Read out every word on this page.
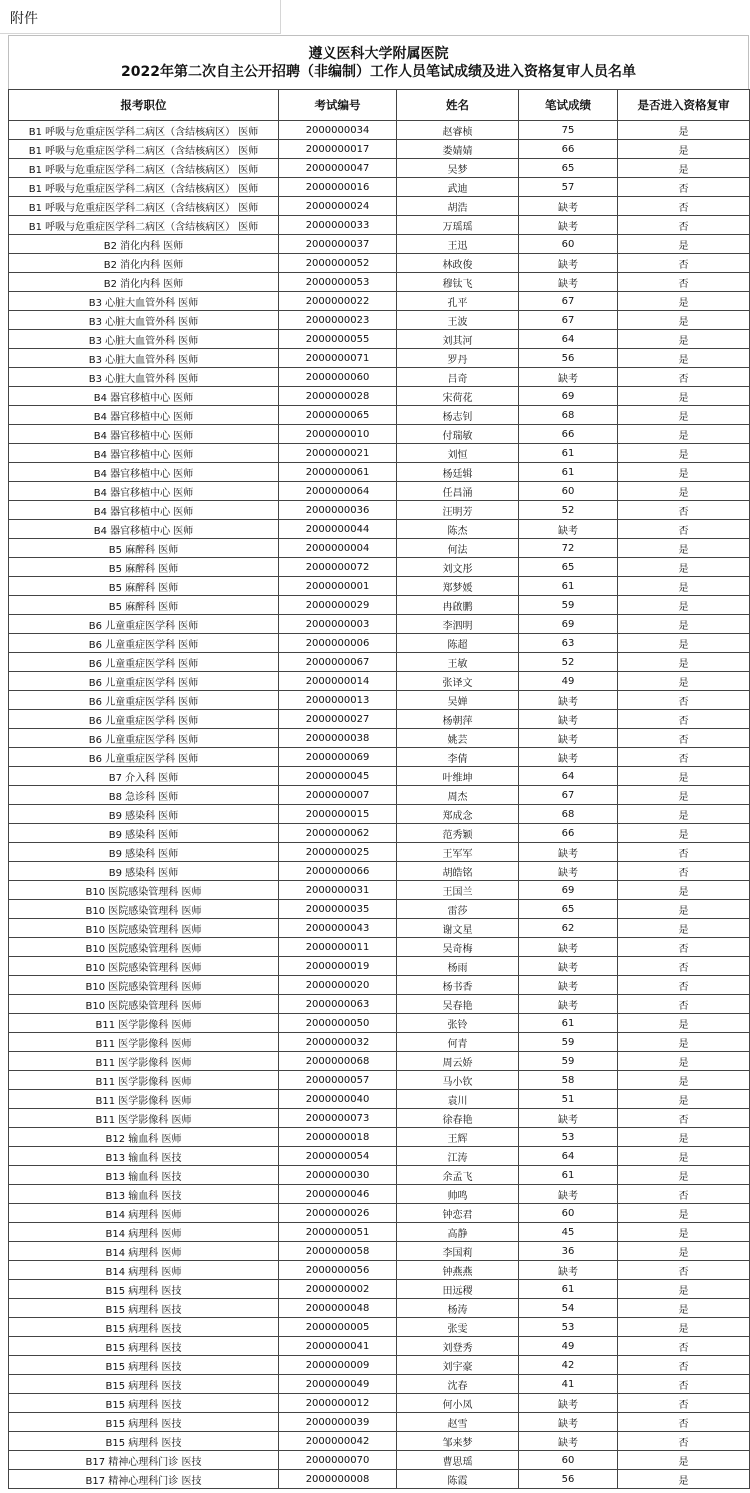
附件
遵义医科大学附属医院
2022年第二次自主公开招聘（非编制）工作人员笔试成绩及进入资格复审人员名单
报考职位	考试编号	姓名	笔试成绩	是否进入资格复审
B1 呼吸与危重症医学科二病区（含结核病区） 医师	2000000034	赵睿桢	75	是
B1 呼吸与危重症医学科二病区（含结核病区） 医师	2000000017	娄婧婧	66	是
B1 呼吸与危重症医学科二病区（含结核病区） 医师	2000000047	吴梦	65	是
B1 呼吸与危重症医学科二病区（含结核病区） 医师	2000000016	武迪	57	否
B1 呼吸与危重症医学科二病区（含结核病区） 医师	2000000024	胡浩	缺考	否
B1 呼吸与危重症医学科二病区（含结核病区） 医师	2000000033	万瑶瑶	缺考	否
B2 消化内科 医师	2000000037	王迅	60	是
B2 消化内科 医师	2000000052	林政俊	缺考	否
B2 消化内科 医师	2000000053	穆钛飞	缺考	否
B3 心脏大血管外科 医师	2000000022	孔平	67	是
B3 心脏大血管外科 医师	2000000023	王波	67	是
B3 心脏大血管外科 医师	2000000055	刘其河	64	是
B3 心脏大血管外科 医师	2000000071	罗丹	56	是
B3 心脏大血管外科 医师	2000000060	吕奇	缺考	否
B4 器官移植中心 医师	2000000028	宋荷花	69	是
B4 器官移植中心 医师	2000000065	杨志钊	68	是
B4 器官移植中心 医师	2000000010	付瑞敏	66	是
B4 器官移植中心 医师	2000000021	刘恒	61	是
B4 器官移植中心 医师	2000000061	杨廷辑	61	是
B4 器官移植中心 医师	2000000064	任昌涌	60	是
B4 器官移植中心 医师	2000000036	汪明芳	52	否
B4 器官移植中心 医师	2000000044	陈杰	缺考	否
B5 麻醉科 医师	2000000004	何法	72	是
B5 麻醉科 医师	2000000072	刘文彤	65	是
B5 麻醉科 医师	2000000001	郑梦媛	61	是
B5 麻醉科 医师	2000000029	冉啟鹏	59	是
B6 儿童重症医学科 医师	2000000003	李泗明	69	是
B6 儿童重症医学科 医师	2000000006	陈超	63	是
B6 儿童重症医学科 医师	2000000067	王敏	52	是
B6 儿童重症医学科 医师	2000000014	张译文	49	是
B6 儿童重症医学科 医师	2000000013	吴婵	缺考	否
B6 儿童重症医学科 医师	2000000027	杨朝萍	缺考	否
B6 儿童重症医学科 医师	2000000038	姚芸	缺考	否
B6 儿童重症医学科 医师	2000000069	李倩	缺考	否
B7 介入科 医师	2000000045	叶维坤	64	是
B8 急诊科 医师	2000000007	周杰	67	是
B9 感染科 医师	2000000015	郑成念	68	是
B9 感染科 医师	2000000062	范秀颖	66	是
B9 感染科 医师	2000000025	王军军	缺考	否
B9 感染科 医师	2000000066	胡皓铭	缺考	否
B10 医院感染管理科 医师	2000000031	王国兰	69	是
B10 医院感染管理科 医师	2000000035	雷莎	65	是
B10 医院感染管理科 医师	2000000043	谢文星	62	是
B10 医院感染管理科 医师	2000000011	吴奇梅	缺考	否
B10 医院感染管理科 医师	2000000019	杨雨	缺考	否
B10 医院感染管理科 医师	2000000020	杨书香	缺考	否
B10 医院感染管理科 医师	2000000063	吴春艳	缺考	否
B11 医学影像科 医师	2000000050	张铃	61	是
B11 医学影像科 医师	2000000032	何青	59	是
B11 医学影像科 医师	2000000068	周云娇	59	是
B11 医学影像科 医师	2000000057	马小钦	58	是
B11 医学影像科 医师	2000000040	袁川	51	是
B11 医学影像科 医师	2000000073	徐春艳	缺考	否
B12 输血科 医师	2000000018	王辉	53	是
B13 输血科 医技	2000000054	江涛	64	是
B13 输血科 医技	2000000030	余孟飞	61	是
B13 输血科 医技	2000000046	帅鸣	缺考	否
B14 病理科 医师	2000000026	钟恋君	60	是
B14 病理科 医师	2000000051	高静	45	是
B14 病理科 医师	2000000058	李国莉	36	是
B14 病理科 医师	2000000056	钟燕燕	缺考	否
B15 病理科 医技	2000000002	田远稷	61	是
B15 病理科 医技	2000000048	杨涛	54	是
B15 病理科 医技	2000000005	张雯	53	是
B15 病理科 医技	2000000041	刘登秀	49	否
B15 病理科 医技	2000000009	刘宇豪	42	否
B15 病理科 医技	2000000049	沈春	41	否
B15 病理科 医技	2000000012	何小凤	缺考	否
B15 病理科 医技	2000000039	赵雪	缺考	否
B15 病理科 医技	2000000042	邹来梦	缺考	否
B17 精神心理科门诊 医技	2000000070	曹思瑶	60	是
B17 精神心理科门诊 医技	2000000008	陈霞	56	是
